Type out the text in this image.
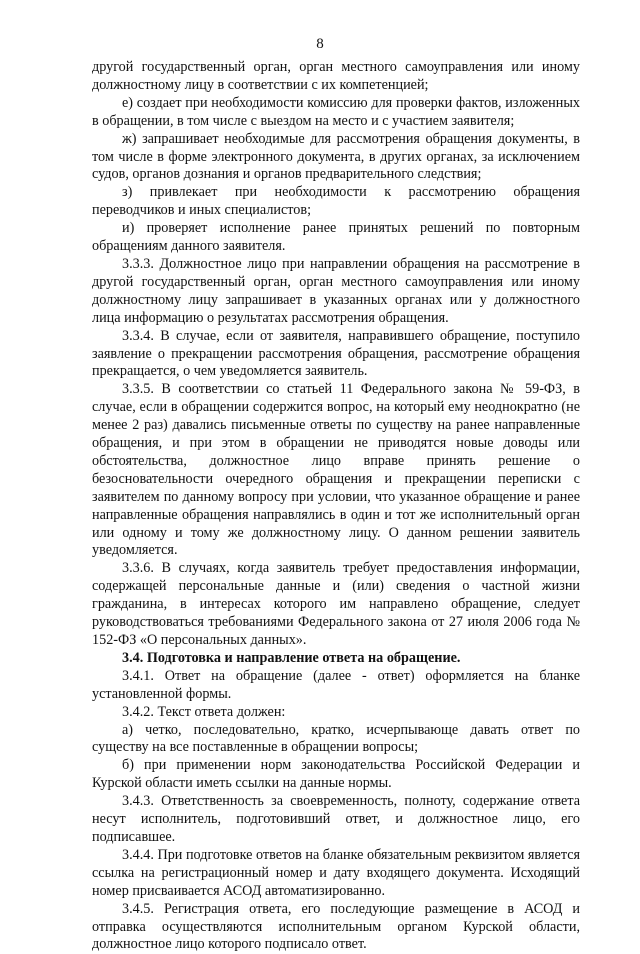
8

другой государственный орган, орган местного самоуправления или иному должностному лицу в соответствии с их компетенцией;

е) создает при необходимости комиссию для проверки фактов, изложенных в обращении, в том числе с выездом на место и с участием заявителя;

ж) запрашивает необходимые для рассмотрения обращения документы, в том числе в форме электронного документа, в других органах, за исключением судов, органов дознания и органов предварительного следствия;

з) привлекает при необходимости к рассмотрению обращения переводчиков и иных специалистов;

и) проверяет исполнение ранее принятых решений по повторным обращениям данного заявителя.

3.3.3. Должностное лицо при направлении обращения на рассмотрение в другой государственный орган, орган местного самоуправления или иному должностному лицу запрашивает в указанных органах или у должностного лица информацию о результатах рассмотрения обращения.

3.3.4. В случае, если от заявителя, направившего обращение, поступило заявление о прекращении рассмотрения обращения, рассмотрение обращения прекращается, о чем уведомляется заявитель.

3.3.5. В соответствии со статьей 11 Федерального закона № 59-ФЗ, в случае, если в обращении содержится вопрос, на который ему неоднократно (не менее 2 раз) давались письменные ответы по существу на ранее направленные обращения, и при этом в обращении не приводятся новые доводы или обстоятельства, должностное лицо вправе принять решение о безосновательности очередного обращения и прекращении переписки с заявителем по данному вопросу при условии, что указанное обращение и ранее направленные обращения направлялись в один и тот же исполнительный орган или одному и тому же должностному лицу. О данном решении заявитель уведомляется.

3.3.6. В случаях, когда заявитель требует предоставления информации, содержащей персональные данные и (или) сведения о частной жизни гражданина, в интересах которого им направлено обращение, следует руководствоваться требованиями Федерального закона от 27 июля 2006 года № 152-ФЗ «О персональных данных».

3.4. Подготовка и направление ответа на обращение.

3.4.1. Ответ на обращение (далее - ответ) оформляется на бланке установленной формы.

3.4.2. Текст ответа должен:

а) четко, последовательно, кратко, исчерпывающе давать ответ по существу на все поставленные в обращении вопросы;

б) при применении норм законодательства Российской Федерации и Курской области иметь ссылки на данные нормы.

3.4.3. Ответственность за своевременность, полноту, содержание ответа несут исполнитель, подготовивший ответ, и должностное лицо, его подписавшее.

3.4.4. При подготовке ответов на бланке обязательным реквизитом является ссылка на регистрационный номер и дату входящего документа. Исходящий номер присваивается АСОД автоматизированно.

3.4.5. Регистрация ответа, его последующие размещение в АСОД и отправка осуществляются исполнительным органом Курской области, должностное лицо которого подписало ответ.
